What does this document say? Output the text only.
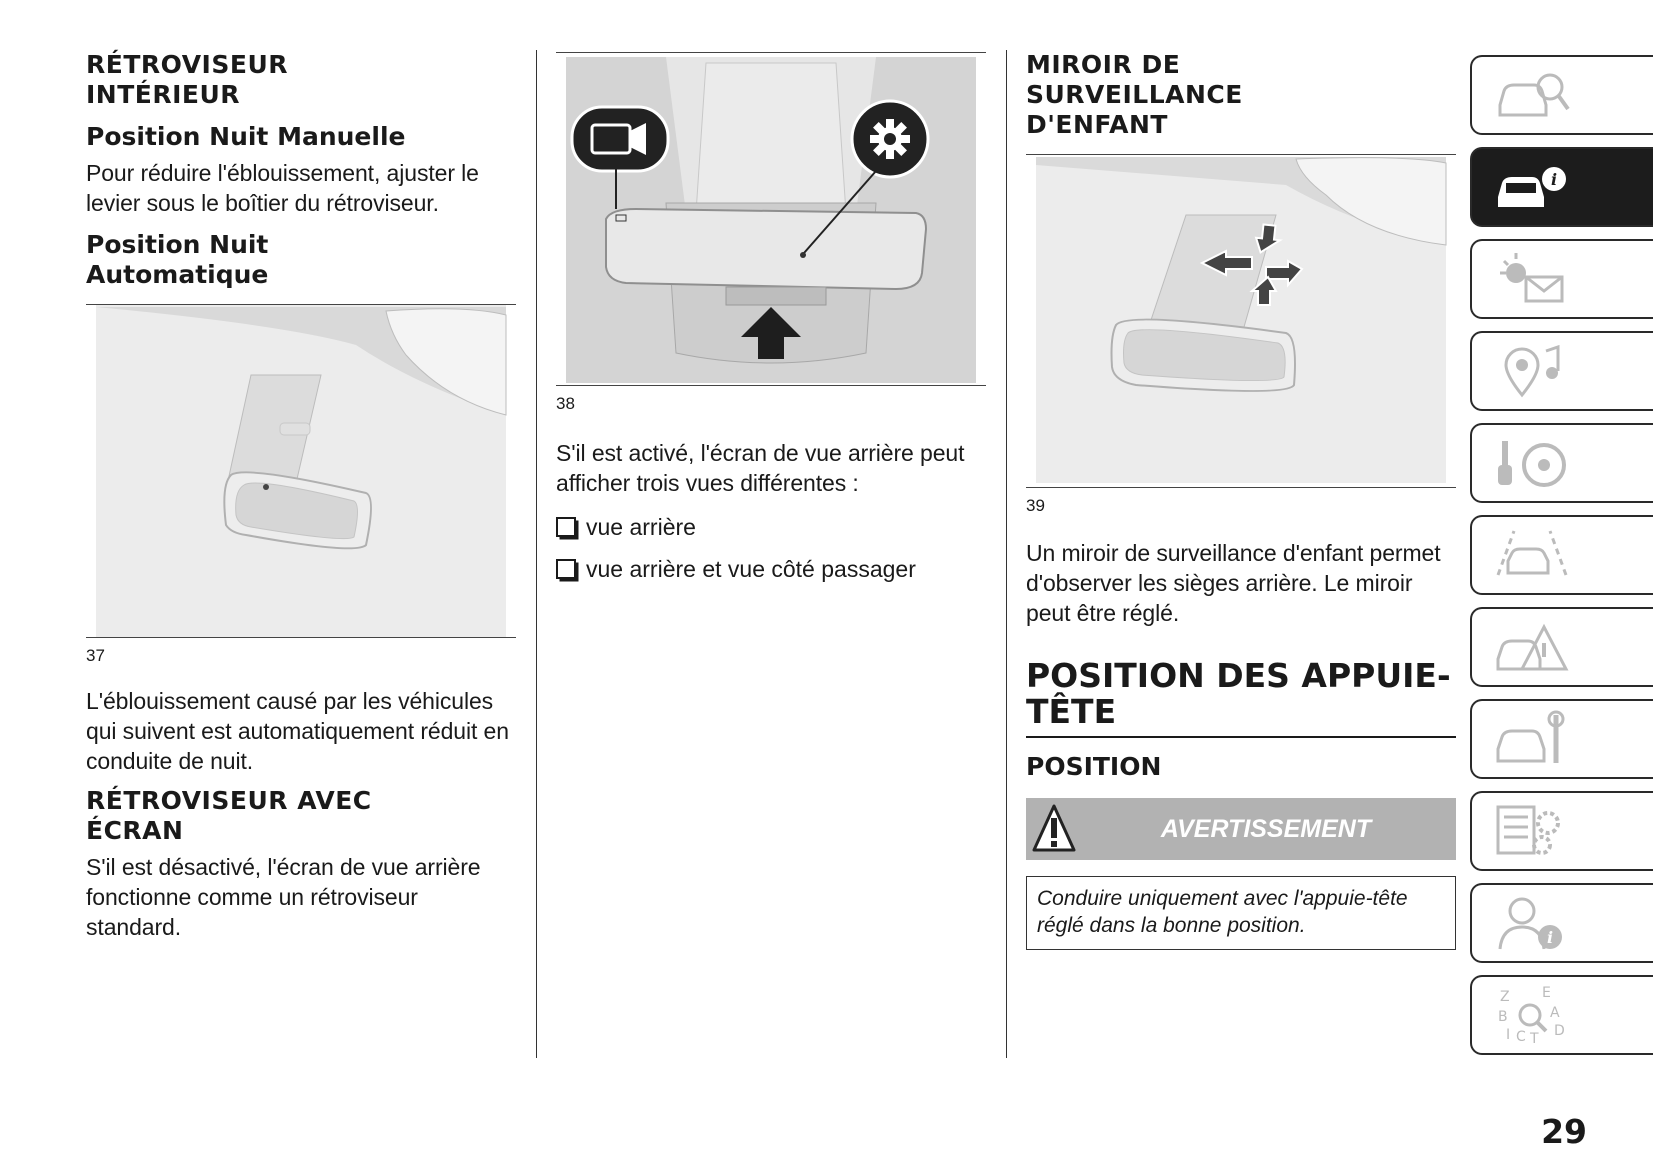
RÉTROVISEUR INTÉRIEUR
Position Nuit Manuelle

Pour réduire l'éblouissement, ajuster le levier sous le boîtier du rétroviseur.

Position Nuit Automatique
37

L'éblouissement causé par les véhicules qui suivent est automatiquement réduit en conduite de nuit.

RÉTROVISEUR AVEC ÉCRAN

S'il est désactivé, l'écran de vue arrière fonctionne comme un rétroviseur standard.

38

S'il est activé, l'écran de vue arrière peut afficher trois vues différentes :

vue arrière
vue arrière et vue côté passager
MIROIR DE SURVEILLANCE D'ENFANT
39

Un miroir de surveillance d'enfant permet d'observer les sièges arrière. Le miroir peut être réglé.

POSITION DES APPUIE-TÊTE
POSITION
AVERTISSEMENT
Conduire uniquement avec l'appuie-tête réglé dans la bonne position.
i
i
Z E
B	A
I C T D
29
